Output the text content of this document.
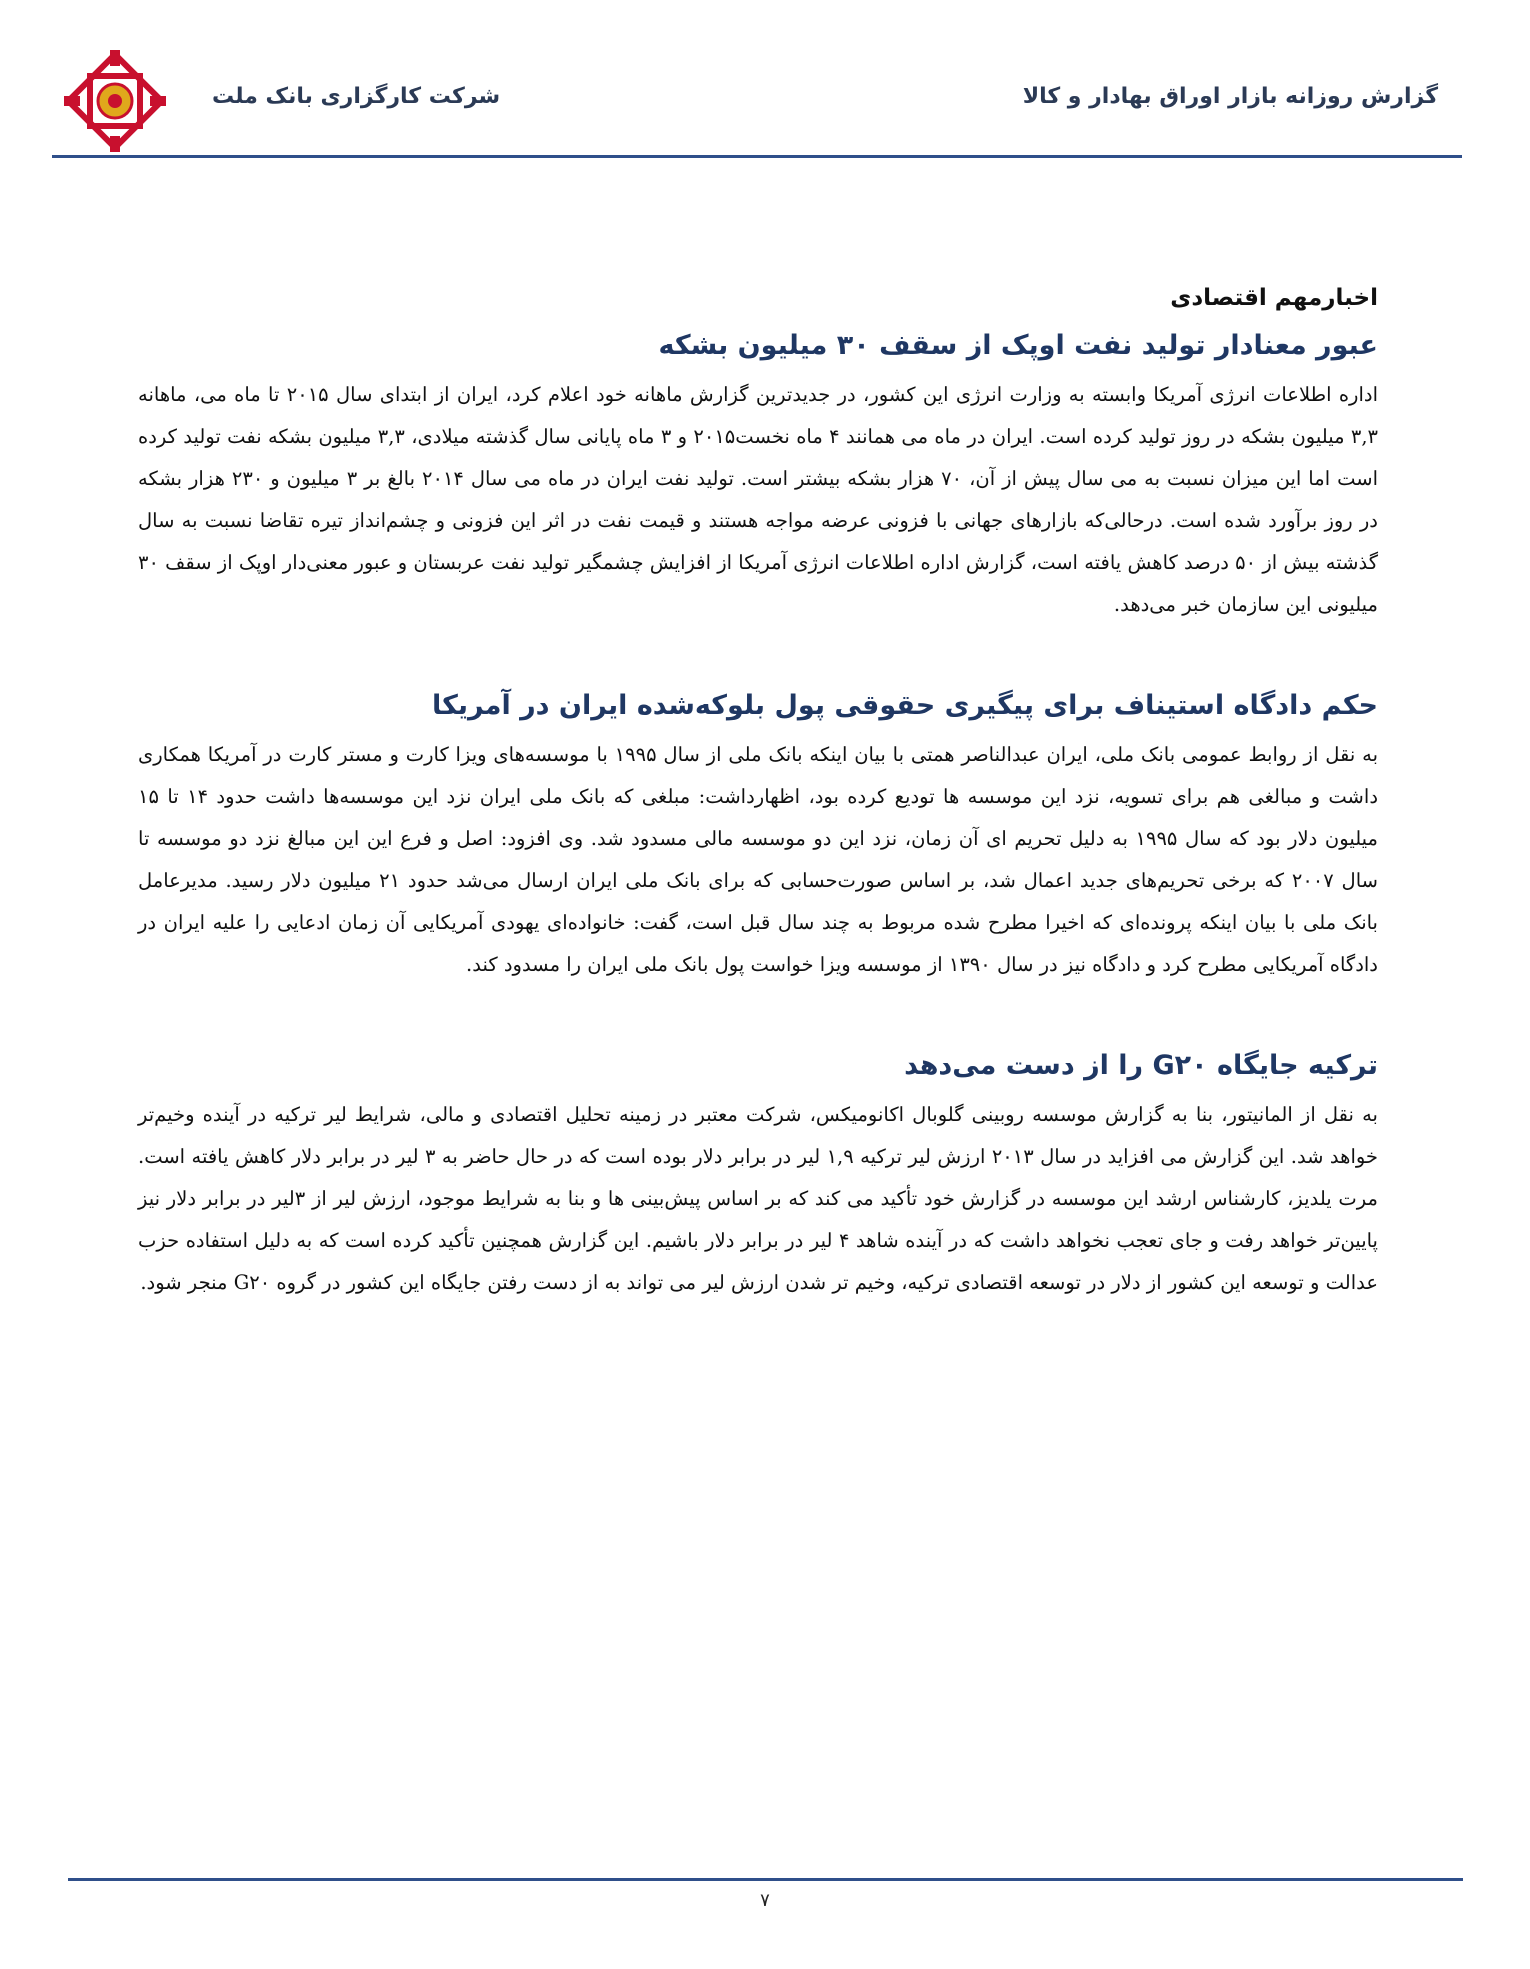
شرکت کارگزاری بانک ملت	گزارش روزانه بازار اوراق بهادار و کالا
اخبارمهم اقتصادی
عبور معنادار تولید نفت اوپک از سقف ۳۰ میلیون بشکه

اداره اطلاعات انرژی آمریکا وابسته به وزارت انرژی این کشور، در جدیدترین گزارش ماهانه خود اعلام کرد، ایران از ابتدای سال ۲۰۱۵ تا ماه می، ماهانه ۳,۳ میلیون بشکه در روز تولید کرده است. ایران در ماه می همانند ۴ ماه نخست۲۰۱۵ و ۳ ماه پایانی سال گذشته میلادی، ۳,۳ میلیون بشکه نفت تولید کرده است اما این میزان نسبت به می سال پیش از آن، ۷۰ هزار بشکه بیشتر است. تولید نفت ایران در ماه می سال ۲۰۱۴ بالغ بر ۳ میلیون و ۲۳۰ هزار بشکه در روز برآورد شده است. درحالی‌که بازارهای جهانی با فزونی عرضه مواجه هستند و قیمت نفت در اثر این فزونی و چشم‌انداز تیره تقاضا نسبت به سال گذشته بیش از ۵۰ درصد کاهش یافته است، گزارش اداره اطلاعات انرژی آمریکا از افزایش چشمگیر تولید نفت عربستان و عبور معنی‌دار اوپک از سقف ۳۰ میلیونی این سازمان خبر می‌دهد.

حکم دادگاه استیناف برای پیگیری حقوقی پول بلوکه‌شده ایران در آمریکا

به نقل از روابط عمومی بانک ملی، ایران عبدالناصر همتی با بیان اینکه بانک ملی از سال ۱۹۹۵ با موسسه‌های ویزا کارت و مستر کارت در آمریکا همکاری داشت و مبالغی هم برای تسویه، نزد این موسسه ها تودیع کرده بود، اظهارداشت: مبلغی که بانک ملی ایران نزد این موسسه‌ها داشت حدود ۱۴ تا ۱۵ میلیون دلار بود که سال ۱۹۹۵ به دلیل تحریم ای آن زمان، نزد این دو موسسه مالی مسدود شد. وی افزود: اصل و فرع این این مبالغ نزد دو موسسه تا سال ۲۰۰۷ که برخی تحریم‌های جدید اعمال شد، بر اساس صورت‌حسابی که برای بانک ملی ایران ارسال می‌شد حدود ۲۱ میلیون دلار رسید. مدیرعامل بانک ملی با بیان اینکه پرونده‌ای که اخیرا مطرح شده مربوط به چند سال قبل است، گفت: خانواده‌ای یهودی آمریکایی آن زمان ادعایی را علیه ایران در دادگاه آمریکایی مطرح کرد و دادگاه نیز در سال ۱۳۹۰ از موسسه ویزا خواست پول بانک ملی ایران را مسدود کند.

ترکیه جایگاه G۲۰ را از دست می‌دهد

به نقل از المانیتور، بنا به گزارش موسسه روبینی گلوبال اکانومیکس، شرکت معتبر در زمینه تحلیل اقتصادی و مالی، شرایط لیر ترکیه در آینده وخیم‌تر خواهد شد. این گزارش می افزاید در سال ۲۰۱۳ ارزش لیر ترکیه ۱,۹ لیر در برابر دلار بوده است که در حال حاضر به ۳ لیر در برابر دلار کاهش یافته است. مرت یلدیز، کارشناس ارشد این موسسه در گزارش خود تأکید می کند که بر اساس پیش‌بینی ها و بنا به شرایط موجود، ارزش لیر از ۳لیر در برابر دلار نیز پایین‌تر خواهد رفت و جای تعجب نخواهد داشت که در آینده شاهد ۴ لیر در برابر دلار باشیم. این گزارش همچنین تأکید کرده است که به دلیل استفاده حزب عدالت و توسعه این کشور از دلار در توسعه اقتصادی ترکیه، وخیم تر شدن ارزش لیر می تواند به از دست رفتن جایگاه این کشور در گروه G۲۰ منجر شود.

۷
